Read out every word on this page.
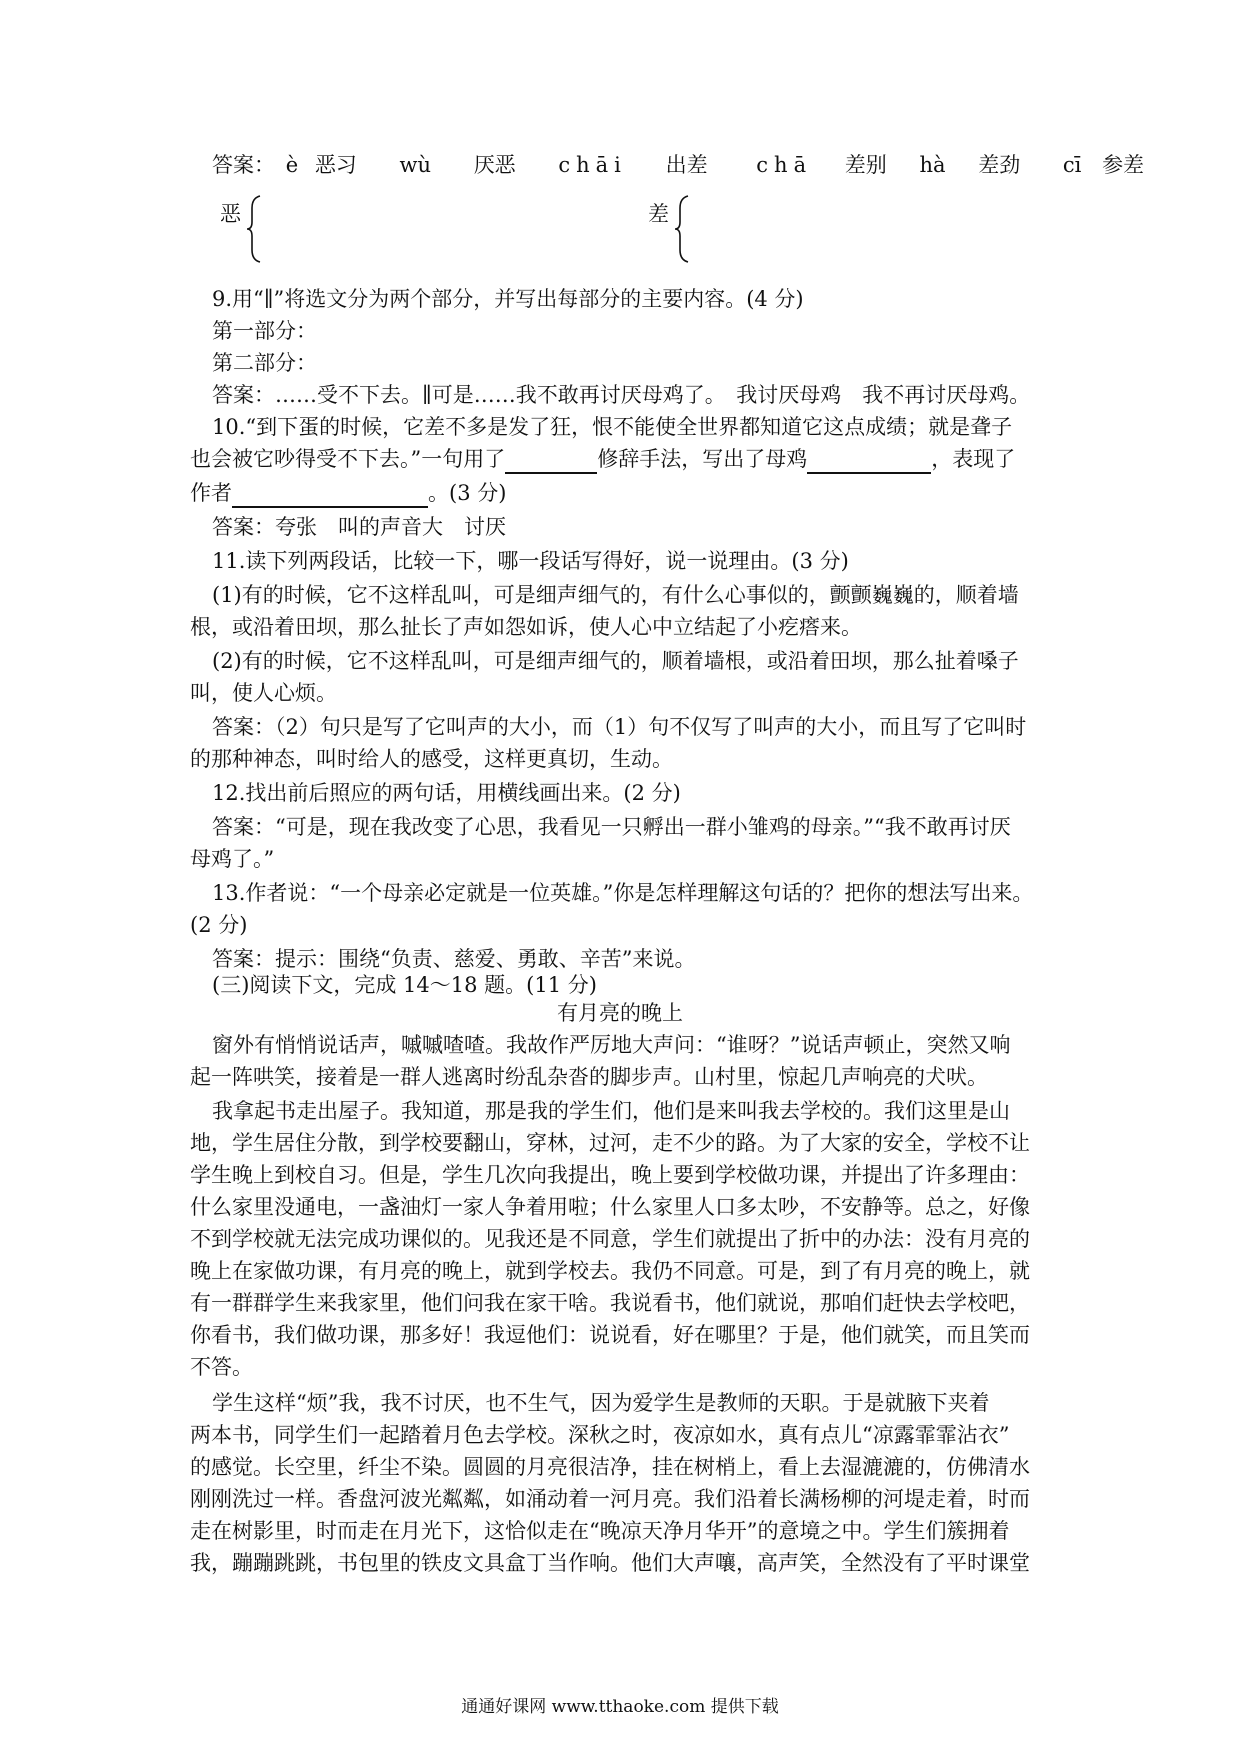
答案： è 恶习 wù 厌恶 chāi 出差 chā 差别 hà 差劲 cī 参差
恶	差
9.用“∥”将选文分为两个部分，并写出每部分的主要内容。(4 分)
第一部分：
第二部分：
答案：……受不下去。∥可是……我不敢再讨厌母鸡了。　我讨厌母鸡　我不再讨厌母鸡。
10.“到下蛋的时候，它差不多是发了狂，恨不能使全世界都知道它这点成绩；就是聋子
也会被它吵得受不下去。”一句用了	修辞手法，写出了母鸡	，表现了
作者	。(3 分)
答案：夸张　叫的声音大　讨厌
11.读下列两段话，比较一下，哪一段话写得好，说一说理由。(3 分)
(1)有的时候，它不这样乱叫，可是细声细气的，有什么心事似的，颤颤巍巍的，顺着墙
根，或沿着田坝，那么扯长了声如怨如诉，使人心中立结起了小疙瘩来。
(2)有的时候，它不这样乱叫，可是细声细气的，顺着墙根，或沿着田坝，那么扯着嗓子
叫，使人心烦。
答案：（2）句只是写了它叫声的大小，而（1）句不仅写了叫声的大小，而且写了它叫时
的那种神态，叫时给人的感受，这样更真切，生动。
12.找出前后照应的两句话，用横线画出来。(2 分)
答案：“可是，现在我改变了心思，我看见一只孵出一群小雏鸡的母亲。”“我不敢再讨厌
母鸡了。”
13.作者说：“一个母亲必定就是一位英雄。”你是怎样理解这句话的？把你的想法写出来。
(2 分)
答案：提示：围绕“负责、慈爱、勇敢、辛苦”来说。
(三)阅读下文，完成 14～18 题。(11 分)
有月亮的晚上
窗外有悄悄说话声，嘁嘁喳喳。我故作严厉地大声问：“谁呀？”说话声顿止，突然又响
起一阵哄笑，接着是一群人逃离时纷乱杂沓的脚步声。山村里，惊起几声响亮的犬吠。
我拿起书走出屋子。我知道，那是我的学生们，他们是来叫我去学校的。我们这里是山
地，学生居住分散，到学校要翻山，穿林，过河，走不少的路。为了大家的安全，学校不让
学生晚上到校自习。但是，学生几次向我提出，晚上要到学校做功课，并提出了许多理由：
什么家里没通电，一盏油灯一家人争着用啦；什么家里人口多太吵，不安静等。总之，好像
不到学校就无法完成功课似的。见我还是不同意，学生们就提出了折中的办法：没有月亮的
晚上在家做功课，有月亮的晚上，就到学校去。我仍不同意。可是，到了有月亮的晚上，就
有一群群学生来我家里，他们问我在家干啥。我说看书，他们就说，那咱们赶快去学校吧，
你看书，我们做功课，那多好！我逗他们：说说看，好在哪里？于是，他们就笑，而且笑而
不答。
学生这样“烦”我，我不讨厌，也不生气，因为爱学生是教师的天职。于是就腋下夹着
两本书，同学生们一起踏着月色去学校。深秋之时，夜凉如水，真有点儿“凉露霏霏沾衣”
的感觉。长空里，纤尘不染。圆圆的月亮很洁净，挂在树梢上，看上去湿漉漉的，仿佛清水
刚刚洗过一样。香盘河波光粼粼，如涌动着一河月亮。我们沿着长满杨柳的河堤走着，时而
走在树影里，时而走在月光下，这恰似走在“晚凉天净月华开”的意境之中。学生们簇拥着
我，蹦蹦跳跳，书包里的铁皮文具盒丁当作响。他们大声嚷，高声笑，全然没有了平时课堂
通通好课网 www.tthaoke.com 提供下载
